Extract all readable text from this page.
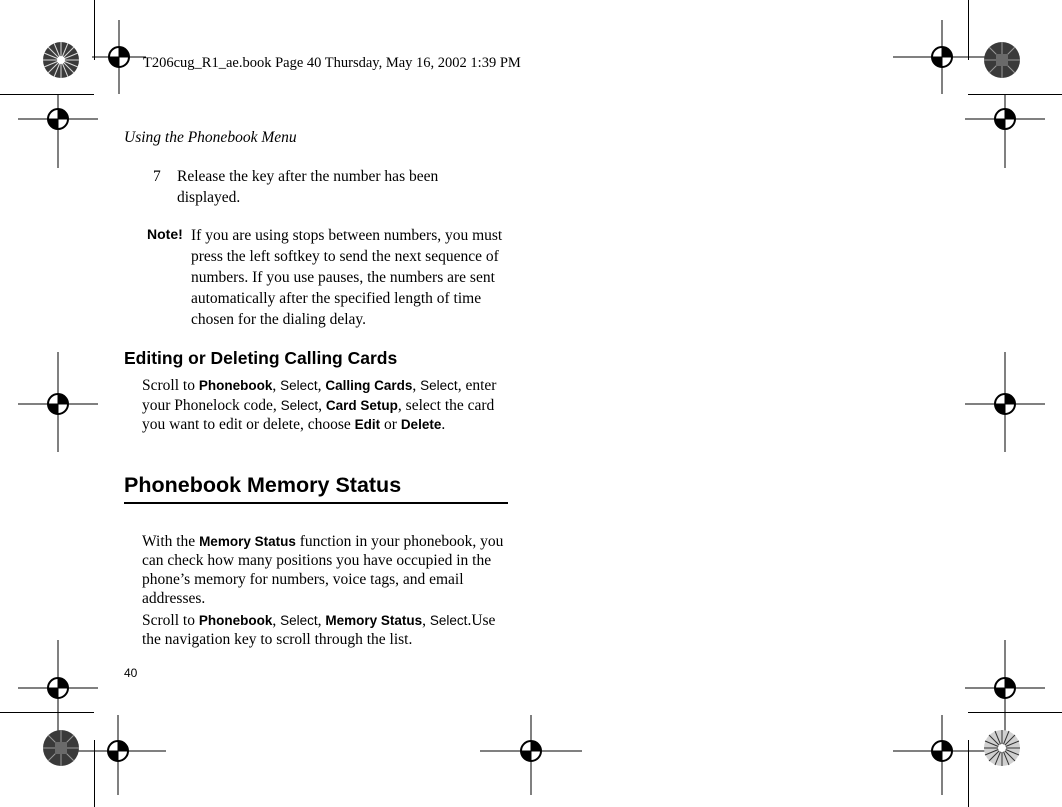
T206cug_R1_ae.book Page 40 Thursday, May 16, 2002 1:39 PM
Using the Phonebook Menu
7 Release the key after the number has been displayed.
Note! If you are using stops between numbers, you must press the left softkey to send the next sequence of numbers. If you use pauses, the numbers are sent automatically after the specified length of time chosen for the dialing delay.
Editing or Deleting Calling Cards
Scroll to Phonebook, Select, Calling Cards, Select, enter your Phonelock code, Select, Card Setup, select the card you want to edit or delete, choose Edit or Delete.
Phonebook Memory Status
With the Memory Status function in your phonebook, you can check how many positions you have occupied in the phone’s memory for numbers, voice tags, and email addresses.
Scroll to Phonebook, Select, Memory Status, Select.Use the navigation key to scroll through the list.
40
